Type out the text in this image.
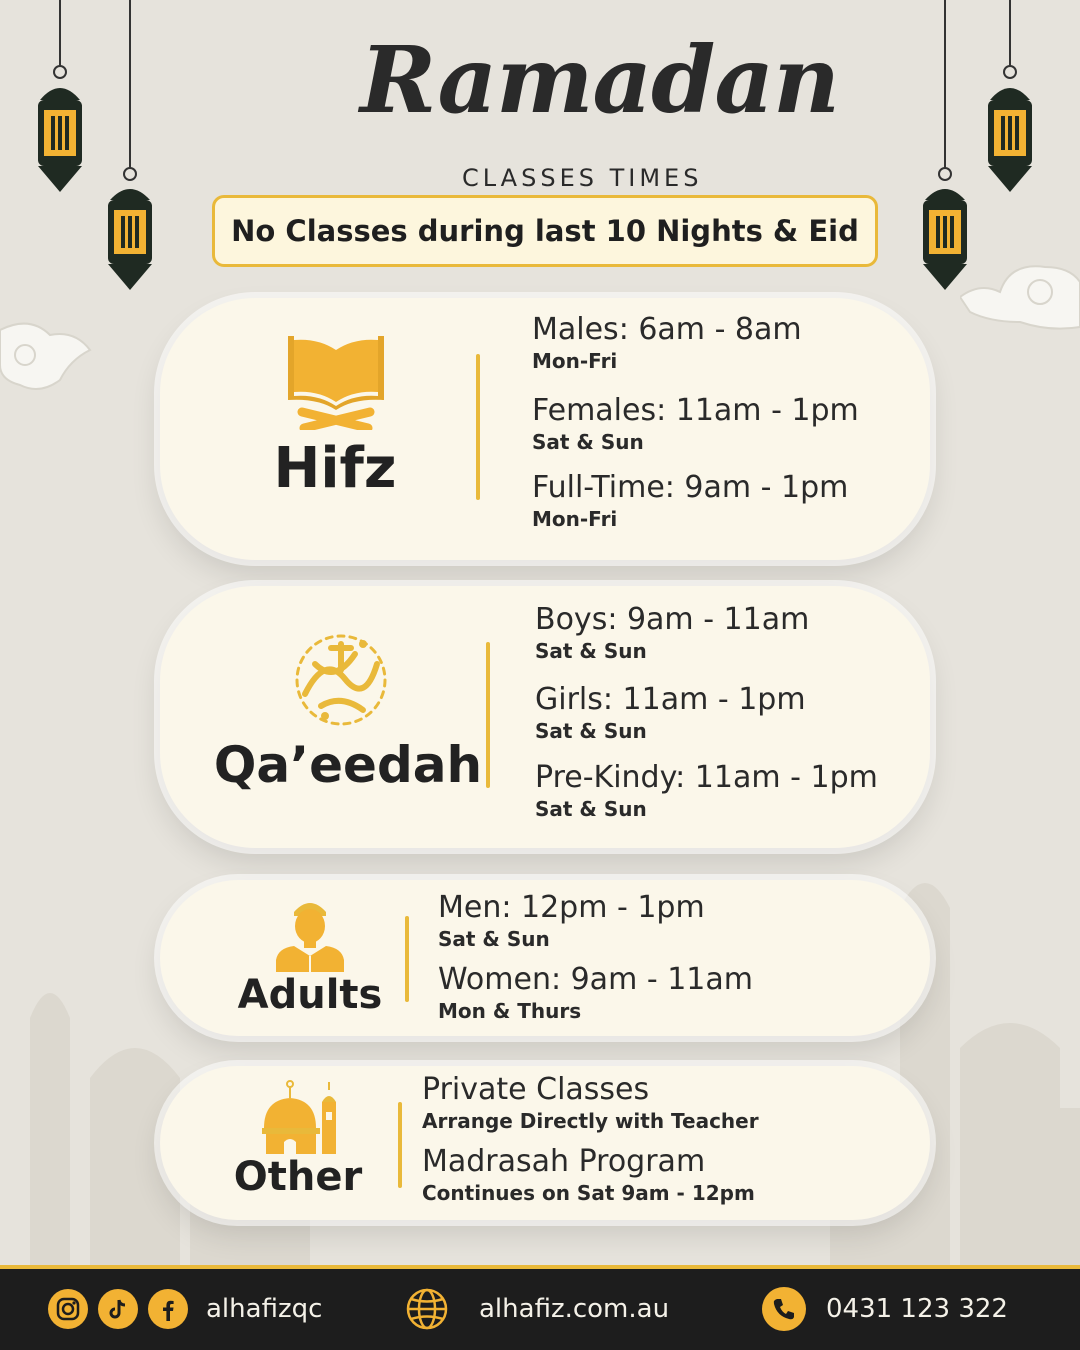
Ramadan
CLASSES TIMES
No Classes during last 10 Nights & Eid
Hifz
Males: 6am - 8am
Mon-Fri
Females: 11am - 1pm
Sat & Sun
Full-Time: 9am - 1pm
Mon-Fri
Qa’eedah
Boys: 9am - 11am
Sat & Sun
Girls: 11am - 1pm
Sat & Sun
Pre-Kindy: 11am - 1pm
Sat & Sun
Adults
Men: 12pm - 1pm
Sat & Sun
Women: 9am - 11am
Mon & Thurs
Other
Private Classes
Arrange Directly with Teacher
Madrasah Program
Continues on Sat 9am - 12pm
alhafizqc	alhafiz.com.au	0431 123 322
